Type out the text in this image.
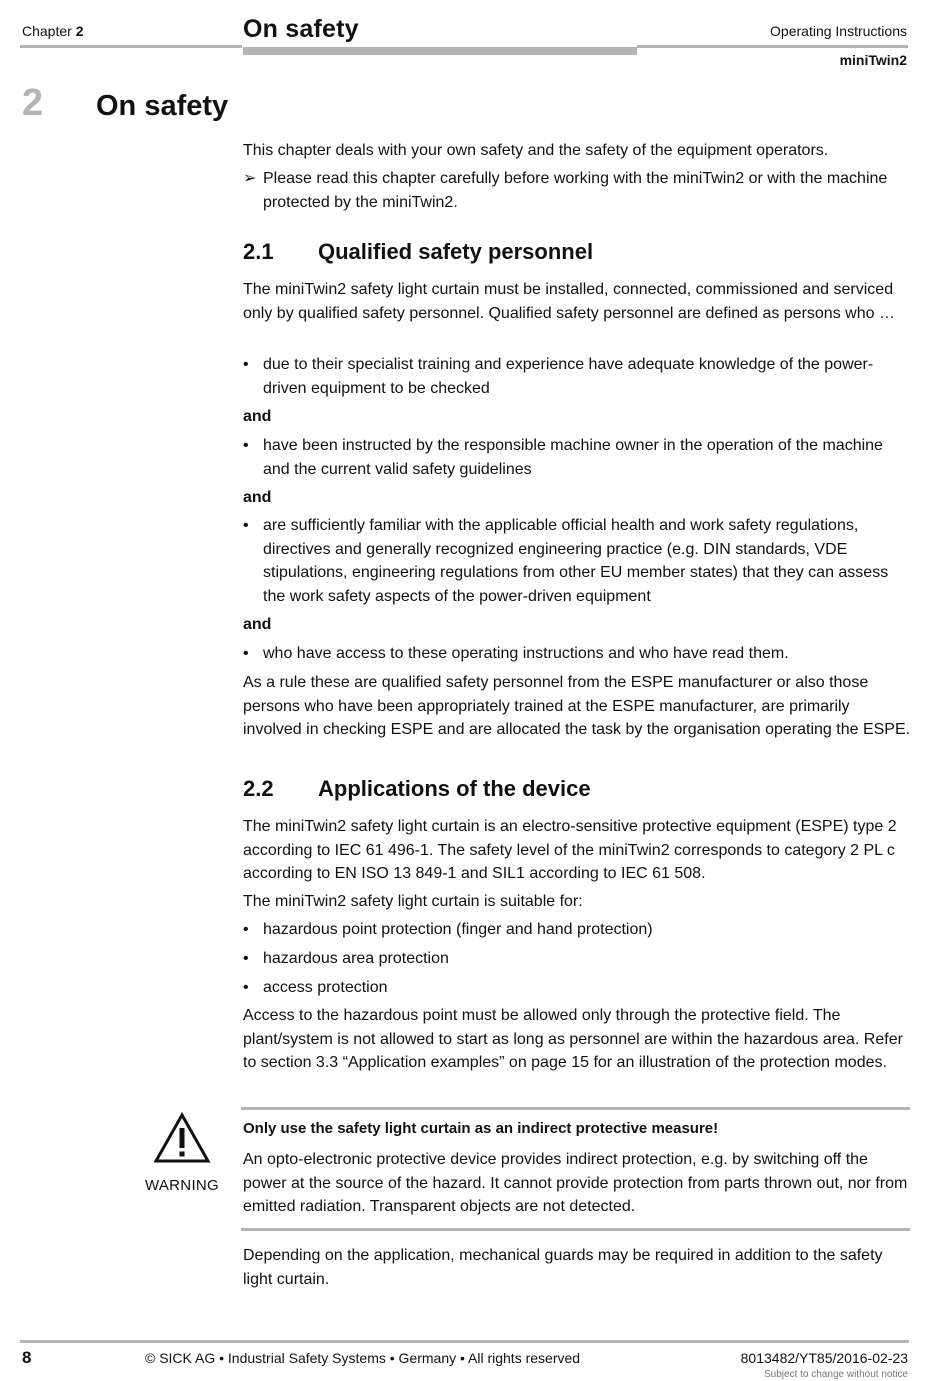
Chapter 2	On safety	Operating Instructions
miniTwin2
2 On safety
This chapter deals with your own safety and the safety of the equipment operators.
➢ Please read this chapter carefully before working with the miniTwin2 or with the machine protected by the miniTwin2.
2.1 Qualified safety personnel
The miniTwin2 safety light curtain must be installed, connected, commissioned and serviced only by qualified safety personnel. Qualified safety personnel are defined as persons who …
• due to their specialist training and experience have adequate knowledge of the power-driven equipment to be checked
and
• have been instructed by the responsible machine owner in the operation of the machine and the current valid safety guidelines
and
• are sufficiently familiar with the applicable official health and work safety regulations, directives and generally recognized engineering practice (e.g. DIN standards, VDE stipulations, engineering regulations from other EU member states) that they can assess the work safety aspects of the power-driven equipment
and
• who have access to these operating instructions and who have read them.
As a rule these are qualified safety personnel from the ESPE manufacturer or also those persons who have been appropriately trained at the ESPE manufacturer, are primarily involved in checking ESPE and are allocated the task by the organisation operating the ESPE.
2.2 Applications of the device
The miniTwin2 safety light curtain is an electro-sensitive protective equipment (ESPE) type 2 according to IEC 61 496-1. The safety level of the miniTwin2 corresponds to category 2 PL c according to EN ISO 13 849-1 and SIL1 according to IEC 61 508.
The miniTwin2 safety light curtain is suitable for:
• hazardous point protection (finger and hand protection)
• hazardous area protection
• access protection
Access to the hazardous point must be allowed only through the protective field. The plant/system is not allowed to start as long as personnel are within the hazardous area. Refer to section 3.3 “Application examples” on page 15 for an illustration of the protection modes.
WARNING
Only use the safety light curtain as an indirect protective measure!
An opto-electronic protective device provides indirect protection, e.g. by switching off the power at the source of the hazard. It cannot provide protection from parts thrown out, nor from emitted radiation. Transparent objects are not detected.
Depending on the application, mechanical guards may be required in addition to the safety light curtain.
8	© SICK AG • Industrial Safety Systems • Germany • All rights reserved	8013482/YT85/2016-02-23
Subject to change without notice
